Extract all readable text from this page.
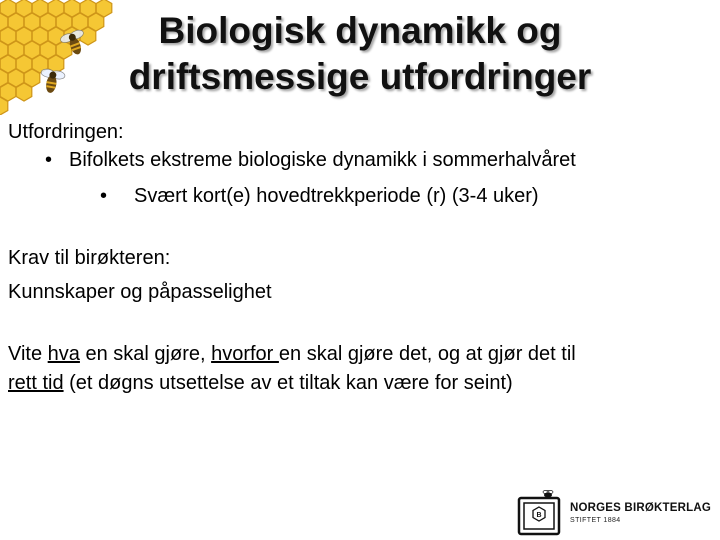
Biologisk dynamikk og
driftsmessige utfordringer
Utfordringen:
• Bifolkets ekstreme biologiske dynamikk i sommerhalvåret
• Svært kort(e) hovedtrekkperiode (r) (3-4 uker)
Krav til birøkteren:
Kunnskaper og påpasselighet
Vite hva en skal gjøre, hvorfor en skal gjøre det, og at gjør det til
rett tid (et døgns utsettelse av et tiltak kan være for seint)
B
NORGES BIRØKTERLAG
STIFTET 1884
